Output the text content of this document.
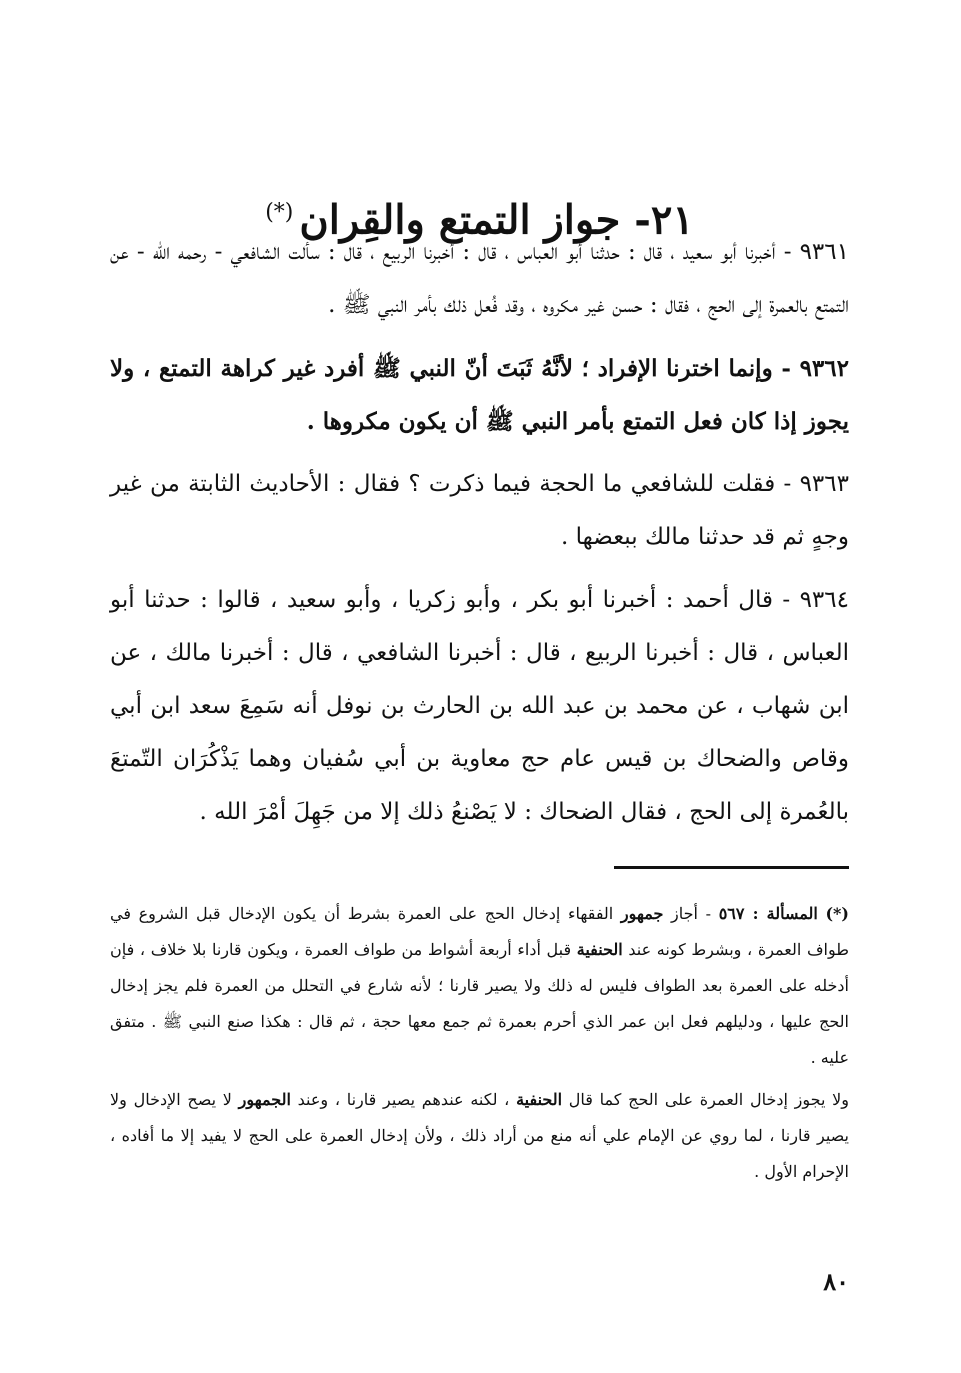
٢١- جواز التمتع والقِران(*)

٩٣٦١ - أخبرنا أبو سعيد ، قال : حدثنا أبو العباس ، قال : أخبرنا الربيع ، قال : سألت الشافعي - رحمه الله - عن التمتع بالعمرة إلى الحج ، فقال : حسن غير مكروه ، وقد فُعل ذلك بأمر النبي ﷺ .

٩٣٦٢ - وإنما اخترنا الإفراد ؛ لأنَّهُ ثَبَتَ أنّ النبي ﷺ أفرد غير كراهة التمتع ، ولا يجوز إذا كان فعل التمتع بأمر النبي ﷺ أن يكون مكروها .

٩٣٦٣ - فقلت للشافعي ما الحجة فيما ذكرت ؟ فقال : الأحاديث الثابتة من غير وجهٍ ثم قد حدثنا مالك ببعضها .

٩٣٦٤ - قال أحمد : أخبرنا أبو بكر ، وأبو زكريا ، وأبو سعيد ، قالوا : حدثنا أبو العباس ، قال : أخبرنا الربيع ، قال : أخبرنا الشافعي ، قال : أخبرنا مالك ، عن ابن شهاب ، عن محمد بن عبد الله بن الحارث بن نوفل أنه سَمِعَ سعد ابن أبي وقاص والضحاك بن قيس عام حج معاوية بن أبي سُفيان وهما يَذْكُرَان التّمتعَ بالعُمرة إلى الحج ، فقال الضحاك : لا يَصْنعُ ذلك إلا من جَهِلَ أمْرَ الله .

(*) المسألة : ٥٦٧ - أجاز جمهور الفقهاء إدخال الحج على العمرة بشرط أن يكون الإدخال قبل الشروع في طواف العمرة ، وبشرط كونه عند الحنفية قبل أداء أربعة أشواط من طواف العمرة ، ويكون قارنا بلا خلاف ، فإن أدخله على العمرة بعد الطواف فليس له ذلك ولا يصير قارنا ؛ لأنه شارع في التحلل من العمرة فلم يجز إدخال الحج عليها ، ودليلهم فعل ابن عمر الذي أحرم بعمرة ثم جمع معها حجة ، ثم قال : هكذا صنع النبي ﷺ . متفق عليه .

ولا يجوز إدخال العمرة على الحج كما قال الحنفية ، لكنه عندهم يصير قارنا ، وعند الجمهور لا يصح الإدخال ولا يصير قارنا ، لما روي عن الإمام علي أنه منع من أراد ذلك ، ولأن إدخال العمرة على الحج لا يفيد إلا ما أفاده ، الإحرام الأول .

٨٠
